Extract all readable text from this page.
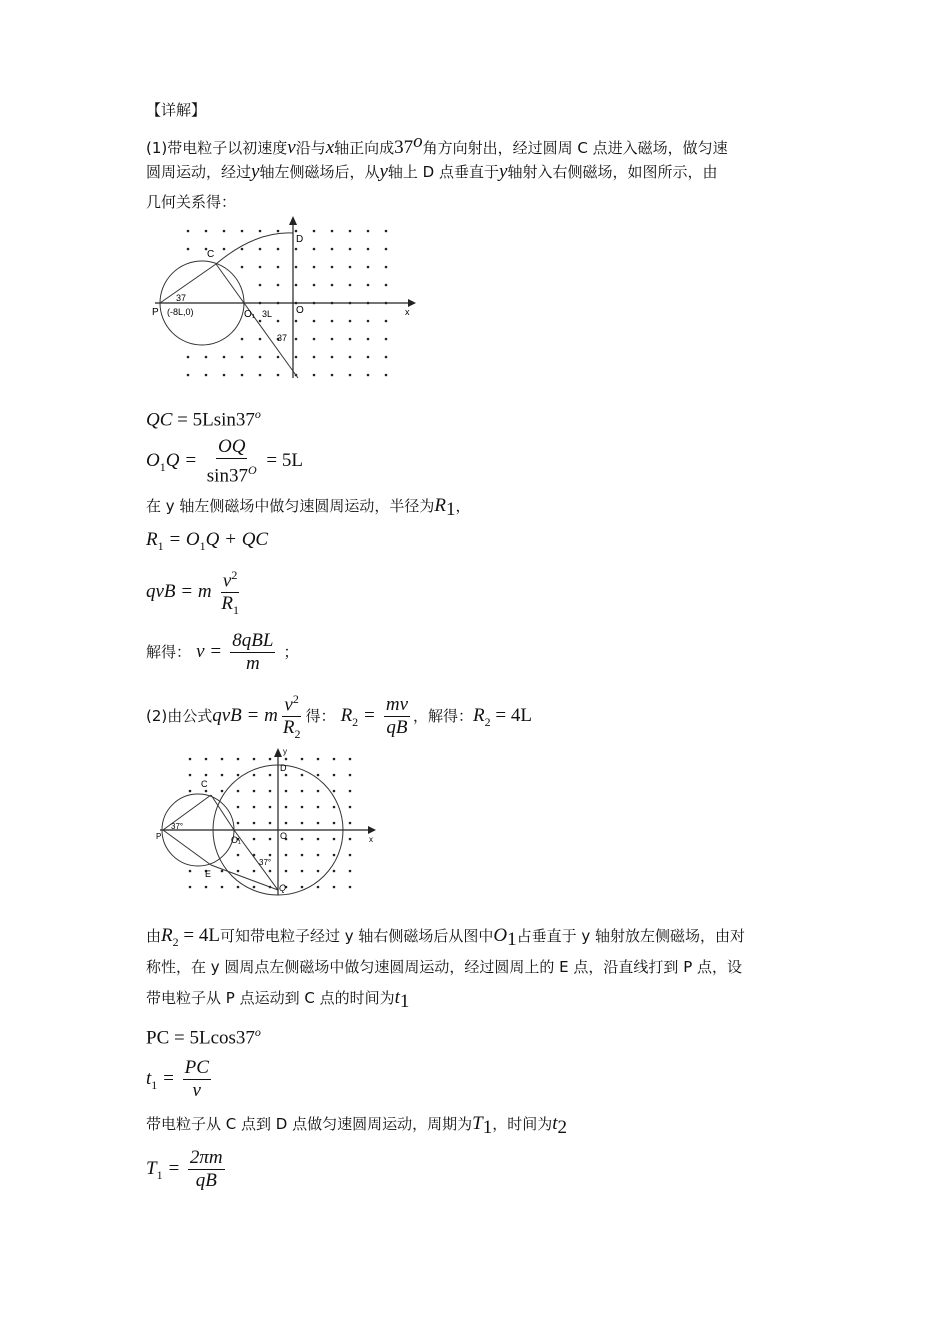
【详解】
(1)带电粒子以初速度v沿与x轴正向成37$^o$角方向射出，经过圆周 C 点进入磁场，做匀速
圆周运动，经过y轴左侧磁场后，从y轴上 D 点垂直于y轴射入右侧磁场，如图所示，由
几何关系得：
D
C
x
O
O₁
P (-8L,0)	3L
37
37
QC = $5Lsin37^o$
$O_1Q = \frac{OQ}{\sin 37^O} = 5L$
在 y 轴左侧磁场中做匀速圆周运动，半径为$R_1$，
$R_1 = O_1Q$ + QC
qvB = m $\frac{v^2}{R_1}$
解得： $v = \frac{\text{8qBL}}{m}$ ；
(2)由公式qvB = m $\frac{v^2}{R_2}$ 得： $R_2 = \frac{mv}{qB}$ ，解得：$R_2 = 4L$
y
D
C
P	O
O₁
E
x
37°
37°
Q
由$R_2 = 4L$可知带电粒子经过 y 轴右侧磁场后从图中$O_1$占垂直于 y 轴射放左侧磁场，由对
称性，在 y 圆周点左侧磁场中做匀速圆周运动，经过圆周上的 E 点，沿直线打到 P 点，设
带电粒子从 P 点运动到 C 点的时间为$t_1$
PC = $5Lcos37^o$
$t_1 = \frac{PC}{v}$
带电粒子从 C 点到 D 点做匀速圆周运动，周期为$T_1$，时间为$t_2$
$T_1 = \frac{2\pi m}{qB}$
